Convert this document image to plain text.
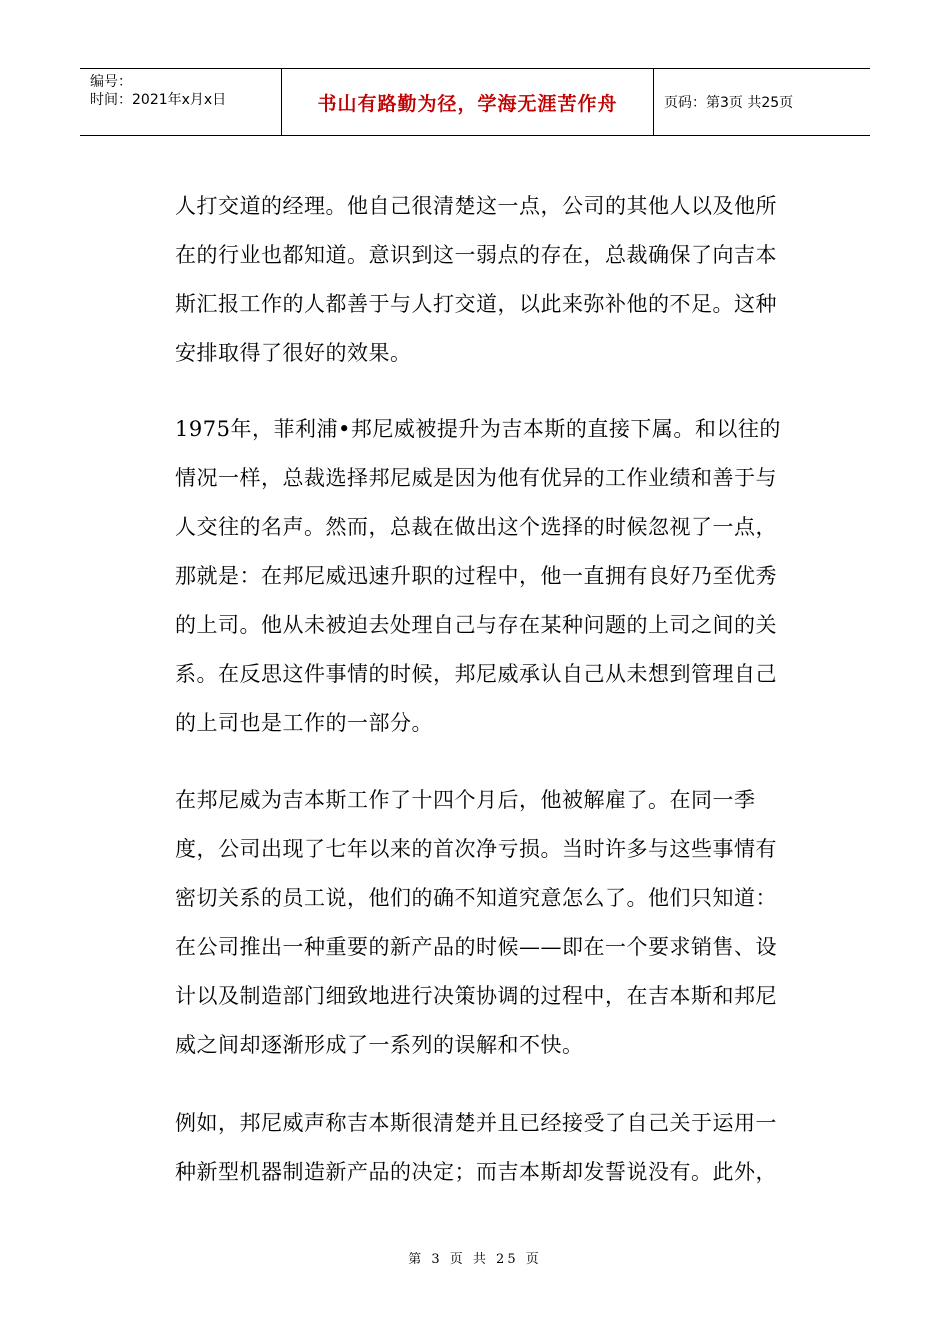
编号：
时间：2021年x月x日	书山有路勤为径，学海无涯苦作舟	页码：第3页 共25页
人打交道的经理。他自己很清楚这一点，公司的其他人以及他所
在的行业也都知道。意识到这一弱点的存在，总裁确保了向吉本
斯汇报工作的人都善于与人打交道，以此来弥补他的不足。这种
安排取得了很好的效果。
1975年，菲利浦•邦尼威被提升为吉本斯的直接下属。和以往的
情况一样，总裁选择邦尼威是因为他有优异的工作业绩和善于与
人交往的名声。然而，总裁在做出这个选择的时候忽视了一点，
那就是：在邦尼威迅速升职的过程中，他一直拥有良好乃至优秀
的上司。他从未被迫去处理自己与存在某种问题的上司之间的关
系。在反思这件事情的时候，邦尼威承认自己从未想到管理自己
的上司也是工作的一部分。
在邦尼威为吉本斯工作了十四个月后，他被解雇了。在同一季
度，公司出现了七年以来的首次净亏损。当时许多与这些事情有
密切关系的员工说，他们的确不知道究意怎么了。他们只知道：
在公司推出一种重要的新产品的时候——即在一个要求销售、设
计以及制造部门细致地进行决策协调的过程中，在吉本斯和邦尼
威之间却逐渐形成了一系列的误解和不快。
例如，邦尼威声称吉本斯很清楚并且已经接受了自己关于运用一
种新型机器制造新产品的决定；而吉本斯却发誓说没有。此外，
第 3 页 共 25 页
